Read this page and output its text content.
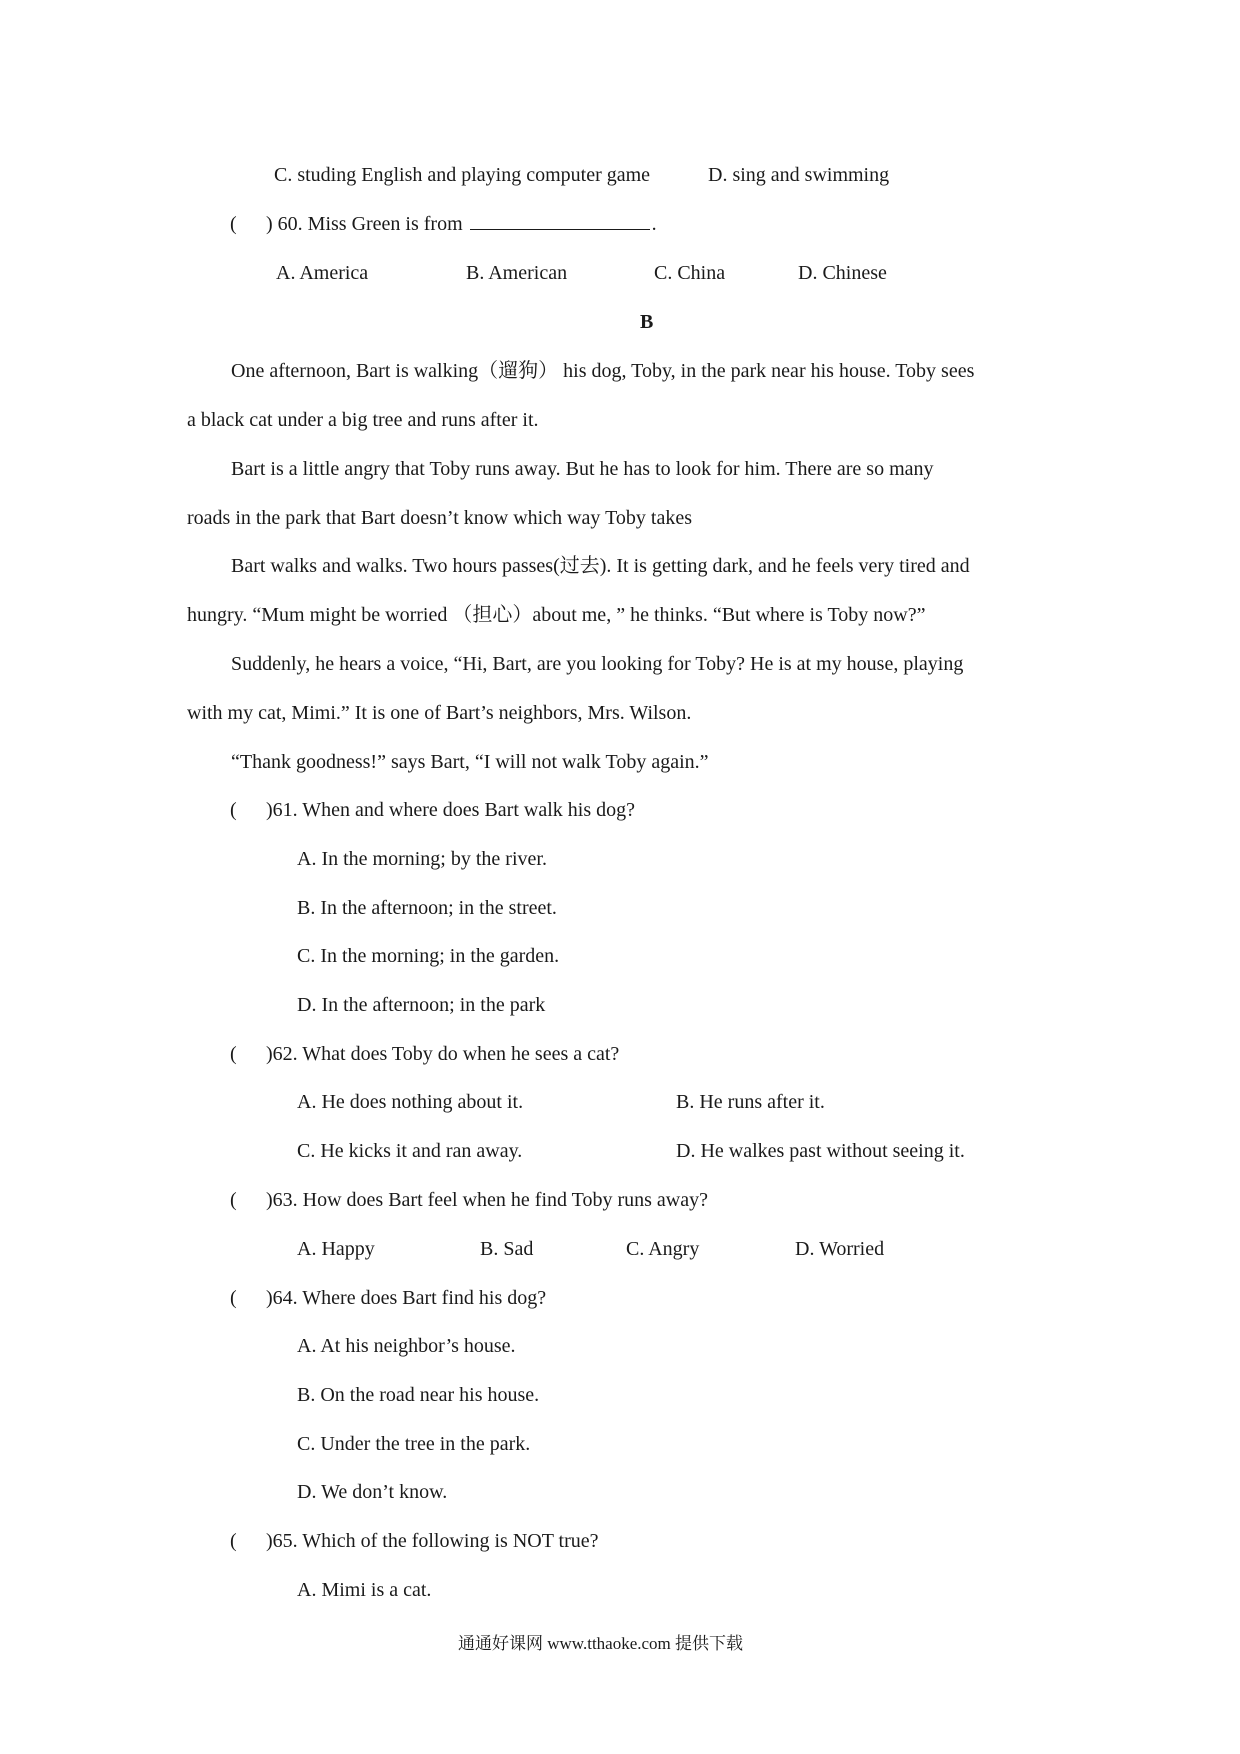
C. studing English and playing computer game	D. sing and swimming
( ) 60. Miss Green is from	.
A. America	B. American	C. China	D. Chinese
B
One afternoon, Bart is walking（遛狗） his dog, Toby, in the park near his house. Toby sees
a black cat under a big tree and runs after it.
Bart is a little angry that Toby runs away. But he has to look for him. There are so many
roads in the park that Bart doesn’t know which way Toby takes
Bart walks and walks. Two hours passes(过去). It is getting dark, and he feels very tired and
hungry. “Mum might be worried （担心）about me, ” he thinks. “But where is Toby now?”
Suddenly, he hears a voice, “Hi, Bart, are you looking for Toby? He is at my house, playing
with my cat, Mimi.” It is one of Bart’s neighbors, Mrs. Wilson.
“Thank goodness!” says Bart, “I will not walk Toby again.”
( )61. When and where does Bart walk his dog?
A. In the morning; by the river.
B. In the afternoon; in the street.
C. In the morning; in the garden.
D. In the afternoon; in the park
( )62. What does Toby do when he sees a cat?
A. He does nothing about it.	B. He runs after it.
C. He kicks it and ran away.	D. He walkes past without seeing it.
( )63. How does Bart feel when he find Toby runs away?
A. Happy	B. Sad	C. Angry	D. Worried
( )64. Where does Bart find his dog?
A. At his neighbor’s house.
B. On the road near his house.
C. Under the tree in the park.
D. We don’t know.
( )65. Which of the following is NOT true?
A. Mimi is a cat.
通通好课网 www.tthaoke.com 提供下载
